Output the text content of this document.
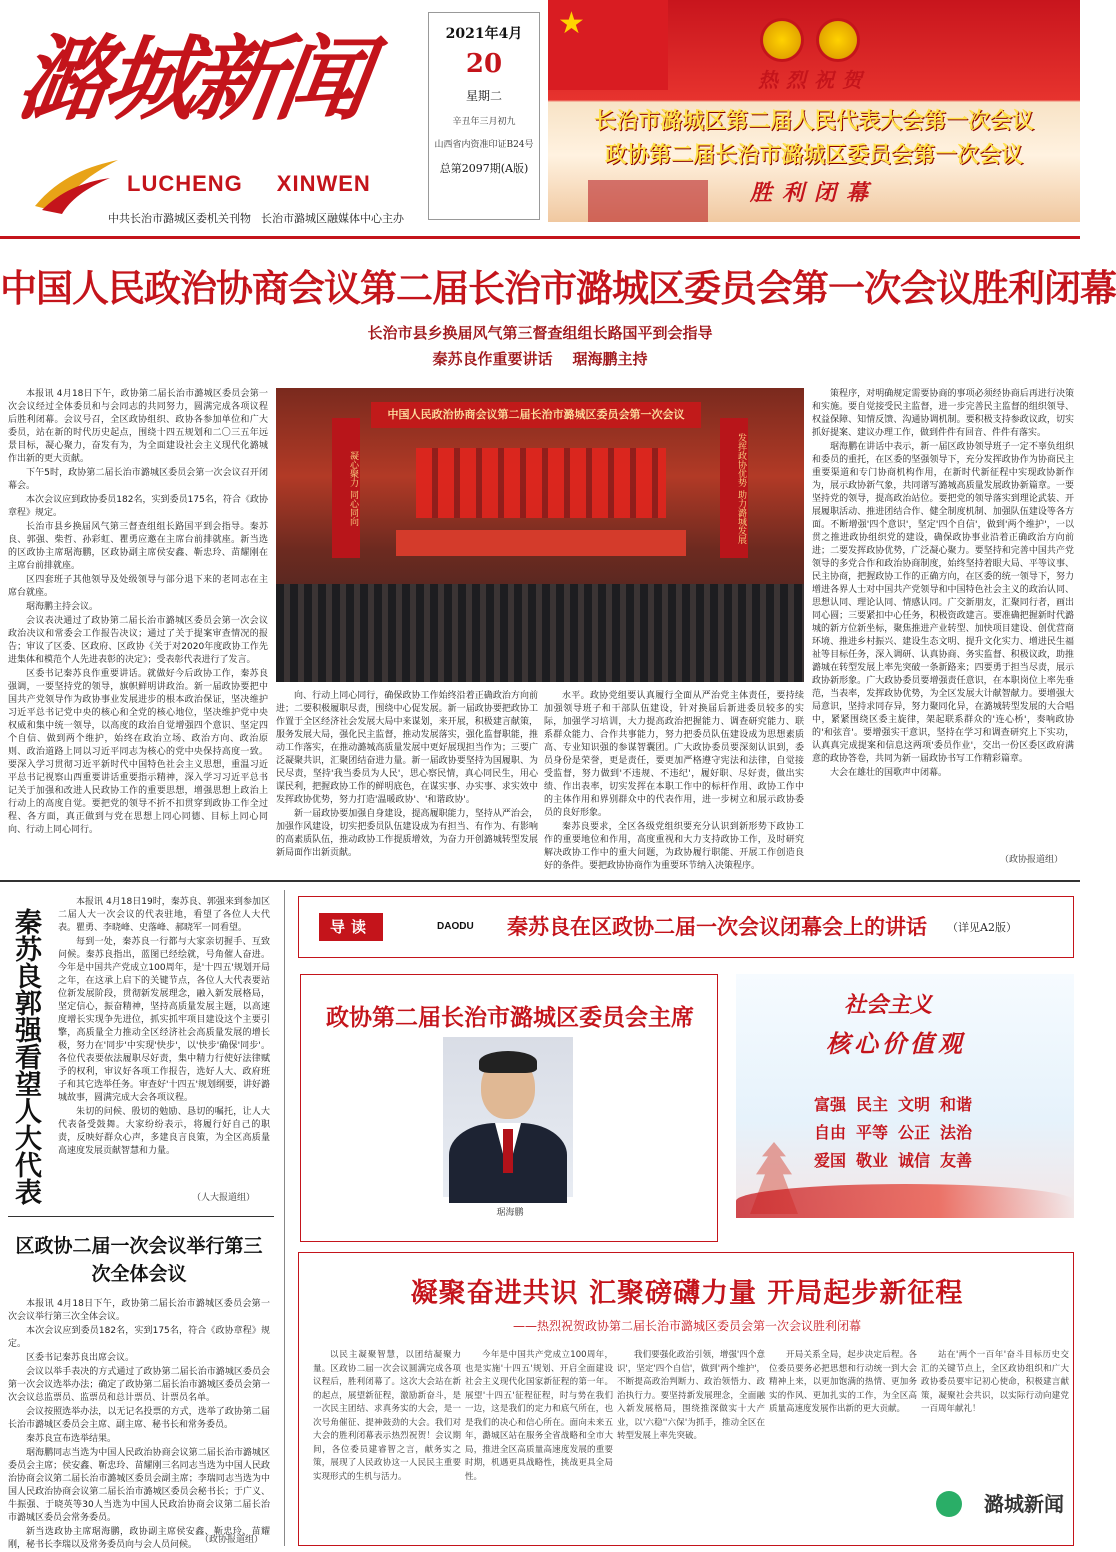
潞城新闻
LUCHENG XINWEN
中共长治市潞城区委机关刊物 长治市潞城区融媒体中心主办
2021年4月
20
星期二
辛丑年三月初九
山西省内资准印证B24号
总第2097期(A版)
★
热烈祝贺
长治市潞城区第二届人民代表大会第一次会议
政协第二届长治市潞城区委员会第一次会议
胜利闭幕
中国人民政治协商会议第二届长治市潞城区委员会第一次会议胜利闭幕
长治市县乡换届风气第三督查组组长路国平到会指导
秦苏良作重要讲话 琚海鹏主持

本报讯 4月18日下午，政协第二届长治市潞城区委员会第一次会议经过全体委员和与会同志的共同努力，圆满完成各项议程后胜利闭幕。会议号召，全区政协组织、政协各参加单位和广大委员，站在新的时代历史起点，围绕十四五规划和二〇三五年远景目标，凝心聚力，奋发有为，为全面建设社会主义现代化潞城作出新的更大贡献。

下午5时，政协第二届长治市潞城区委员会第一次会议召开闭幕会。

本次会议应到政协委员182名，实到委员175名，符合《政协章程》规定。

长治市县乡换届风气第三督查组组长路国平到会指导。秦苏良、郭强、柴哲、孙彩虹、瞿勇应邀在主席台前排就座。新当选的区政协主席琚海鹏，区政协副主席侯安鑫、靳忠玲、苗耀刚在主席台前排就座。

区四套班子其他领导及处级领导与部分退下来的老同志在主席台就座。

琚海鹏主持会议。

会议表决通过了政协第二届长治市潞城区委员会第一次会议政治决议和常委会工作报告决议；通过了关于提案审查情况的报告；审议了区委、区政府、区政协《关于对2020年度政协工作先进集体和模范个人先进表彰的决定》；受表彰代表进行了发言。

区委书记秦苏良作重要讲话。就做好今后政协工作，秦苏良强调，一要坚持党的领导，旗帜鲜明讲政治。新一届政协要把中国共产党领导作为政协事业发展进步的根本政治保证，坚决维护习近平总书记党中央的核心和全党的核心地位，坚决维护党中央权威和集中统一领导，以高度的政治自觉增强四个意识、坚定四个自信、做到两个维护，始终在政治立场、政治方向、政治原则、政治道路上同以习近平同志为核心的党中央保持高度一致。要深入学习贯彻习近平新时代中国特色社会主义思想，重温习近平总书记视察山西重要讲话重要指示精神，深入学习习近平总书记关于加强和改进人民政协工作的重要思想，增强思想上政治上行动上的高度自觉。要把党的领导不折不扣贯穿到政协工作全过程、各方面，真正做到与党在思想上同心同德、目标上同心同向、行动上同心同行。

凝心聚力 同心同向	发挥政协优势 助力潞城发展
中国人民政治协商会议第二届长治市潞城区委员会第一次会议

向、行动上同心同行，确保政协工作始终沿着正确政治方向前进；二要积极履职尽责，围绕中心促发展。新一届政协要把政协工作置于全区经济社会发展大局中来谋划，来开展，积极建言献策，服务发展大局，强化民主监督，推动发展落实，强化监督职能，推动工作落实，在推动潞城高质量发展中更好展现担当作为；三要广泛凝聚共识，汇聚团结奋进力量。新一届政协要坚持为国履职、为民尽责，坚持'我当委员为人民'，思心察民情，真心同民生，用心谋民利，把握政协工作的鲜明底色，在谋实事、办实事、求实效中发挥政协优势，努力打造'温暖政协'、'和谐政协'。

新一届政协要加强自身建设，提高履职能力，坚持从严治会，加强作风建设，切实把委员队伍建设成为有担当、有作为、有影响的高素质队伍，推动政协工作提质增效，为奋力开创潞城转型发展新局面作出新贡献。

水平。政协党组要认真履行全面从严治党主体责任，要持续加强领导班子和干部队伍建设，针对换届后新进委员较多的实际，加强学习培训，大力提高政治把握能力、调查研究能力、联系群众能力、合作共事能力，努力把委员队伍建设成为思想素质高、专业知识强的参谋智囊团。广大政协委员要深刻认识到，委员身份是荣誉，更是责任，要更加严格遵守宪法和法律，自觉接受监督，努力做到'不违规、不违纪'，履好职、尽好责，做出实绩、作出表率，切实发挥在本职工作中的标杆作用、政协工作中的主体作用和界别群众中的代表作用，进一步树立和展示政协委员的良好形象。

秦苏良要求，全区各级党组织要充分认识到新形势下政协工作的重要地位和作用，高度重视和大力支持政协工作，及时研究解决政协工作中的重大问题，为政协履行职能、开展工作创造良好的条件。要把政协协商作为重要环节纳入决策程序。

策程序，对明确规定需要协商的事项必须经协商后再进行决策和实施。要自觉接受民主监督，进一步完善民主监督的组织领导、权益保障、知情反馈、沟通协调机制。要积极支持参政议政，切实抓好提案、建议办理工作，做到件件有回音、件件有落实。

琚海鹏在讲话中表示，新一届区政协领导班子一定不辜负组织和委员的重托，在区委的坚强领导下，充分发挥政协作为协商民主重要渠道和专门协商机构作用，在新时代新征程中实现政协新作为，展示政协新气象，共同谱写潞城高质量发展政协新篇章。一要坚持党的领导，提高政治站位。要把党的领导落实到理论武装、开展履职活动、推进团结合作、健全制度机制、加强队伍建设等各方面。不断增强'四个意识'，坚定'四个自信'，做到'两个维护'，一以贯之推进政协组织党的建设，确保政协事业沿着正确政治方向前进；二要发挥政协优势，广泛凝心聚力。要坚持和完善中国共产党领导的多党合作和政治协商制度，始终坚持着眼大局、平等议事、民主协商，把握政协工作的正确方向，在区委的统一领导下，努力增进各界人士对中国共产党领导和中国特色社会主义的政治认同、思想认同、理论认同、情感认同。广交新朋友，汇聚同行者，画出同心圆；三要紧扣中心任务，积极资政建言。要准确把握新时代潞城的新方位新坐标，聚焦推进产业转型、加快项目建设、创优营商环境、推进乡村振兴、建设生态文明、提升文化实力、增进民生福祉等目标任务，深入调研、认真协商、务实监督、积极议政，助推潞城在转型发展上率先突破一条新路来；四要勇于担当尽责，展示政协新形象。广大政协委员要增强责任意识，在本职岗位上率先垂范，当表率，发挥政协优势，为全区发展大计献智献力。要增强大局意识，坚持求同存异，努力聚同化异，在潞城转型发展的大合唱中，紧紧围绕区委主旋律，架起联系群众的'连心桥'，奏响政协的'和弦音'。要增强实干意识，坚持在学习和调查研究上下实功，认真真完成提案和信息这两项'委员作业'，交出一份区委区政府满意的政协答卷，共同为新一届政协书写工作精彩篇章。

大会在雄壮的国歌声中闭幕。

（政协报道组）
秦苏良郭强看望人大代表

本报讯 4月18日19时，秦苏良、郭强来到参加区二届人大一次会议的代表驻地，看望了各位人大代表。瞿勇、李晓峰、史落峰、郝晓军一同看望。

每到一处，秦苏良一行都与大家亲切握手、互致问候。秦苏良指出，蓝图已经绘就，号角催人奋进。今年是中国共产党成立100周年，是'十四五'规划开局之年，在这承上启下的关键节点，各位人大代表要站位新发展阶段，贯彻新发展理念，融入新发展格局，坚定信心，振奋精神，坚持高质量发展主题，以高速度增长实现争先进位，抓实抓牢项目建设这个主要引擎，高质量全力推动全区经济社会高质量发展的增长极，努力在'同步'中实现'快步'，以'快步'确保'同步'。各位代表要依法履职尽好责，集中精力行使好法律赋予的权利，审议好各项工作报告，选好人大、政府班子和其它选举任务。审查好'十四五'规划纲要，讲好潞城故事，圆满完成大会各项议程。

朱切的问候、殷切的勉励、恳切的嘱托，让人大代表备受鼓舞。大家纷纷表示，将履行好自己的职责，反映好群众心声，多建良言良策，为全区高质量高速度发展贡献智慧和力量。

（人大报道组）
区政协二届一次会议举行第三次全体会议

本报讯 4月18日下午，政协第二届长治市潞城区委员会第一次会议举行第三次全体会议。

本次会议应到委员182名，实到175名，符合《政协章程》规定。

区委书记秦苏良出席会议。

会议以举手表决的方式通过了政协第二届长治市潞城区委员会第一次会议选举办法；确定了政协第二届长治市潞城区委员会第一次会议总监票员、监票员和总计票员、计票员名单。

会议按照选举办法，以无记名投票的方式，选举了政协第二届长治市潞城区委员会主席、副主席、秘书长和常务委员。

秦苏良宣布选举结果。

琚海鹏同志当选为中国人民政治协商会议第二届长治市潞城区委员会主席；侯安鑫、靳忠玲、苗耀刚三名同志当选为中国人民政治协商会议第二届长治市潞城区委员会副主席；李瑞同志当选为中国人民政治协商会议第二届长治市潞城区委员会秘书长；于广义、牛振强、于晓英等30人当选为中国人民政治协商会议第二届长治市潞城区委员会常务委员。

新当选政协主席琚海鹏，政协副主席侯安鑫、靳忠玲、苗耀刚，秘书长李瑞以及常务委员向与会人员问候。 （政协报道组）
导读	DAODU 秦苏良在区政协二届一次会议闭幕会上的讲话 （详见A2版）
政协第二届长治市潞城区委员会主席
琚海鹏
社会主义
核心价值观
富强 民主 文明 和谐
自由 平等 公正 法治
爱国 敬业 诚信 友善
凝聚奋进共识 汇聚磅礴力量 开局起步新征程
——热烈祝贺政协第二届长治市潞城区委员会第一次会议胜利闭幕

以民主凝聚智慧，以团结凝聚力量。区政协二届一次会议圆满完成各项议程后，胜利闭幕了。这次大会站在新的起点，展望新征程，激励新奋斗，是一次民主团结、求真务实的大会，是一次号角催征、提神鼓劲的大会。我们对大会的胜利闭幕表示热烈祝贺！会议期间，各位委员建睿智之言，献务实之策，展现了人民政协这一人民民主重要实现形式的生机与活力。

今年是中国共产党成立100周年，也是实施'十四五'规划、开启全面建设社会主义现代化国家新征程的第一年。展望'十四五'征程征程，时与势在我们一边，这是我们的定力和底气所在，也是我们的决心和信心所在。面向未来五年，潞城区站在服务全省战略和全市大局，推进全区高质量高速度发展的重要时期，机遇更具战略性，挑战更具全局性。

我们要强化政治引领，增强'四个意识'，坚定'四个自信'，做到'两个维护'，不断提高政治判断力、政治领悟力、政治执行力。要坚持新发展理念，全面融入新发展格局，围绕推深做实十大产业，以'六稳''六保'为抓手，推动全区在转型发展上率先突破。

开局关系全局，起步决定后程。各位委员要务必把思想和行动统一到大会精神上来，以更加饱满的热情、更加务实的作风、更加扎实的工作，为全区高质量高速度发展作出新的更大贡献。

站在'两个一百年'奋斗目标历史交汇的关键节点上，全区政协组织和广大政协委员要牢记初心使命，积极建言献策，凝聚社会共识，以实际行动向建党一百周年献礼！

潞城新闻
